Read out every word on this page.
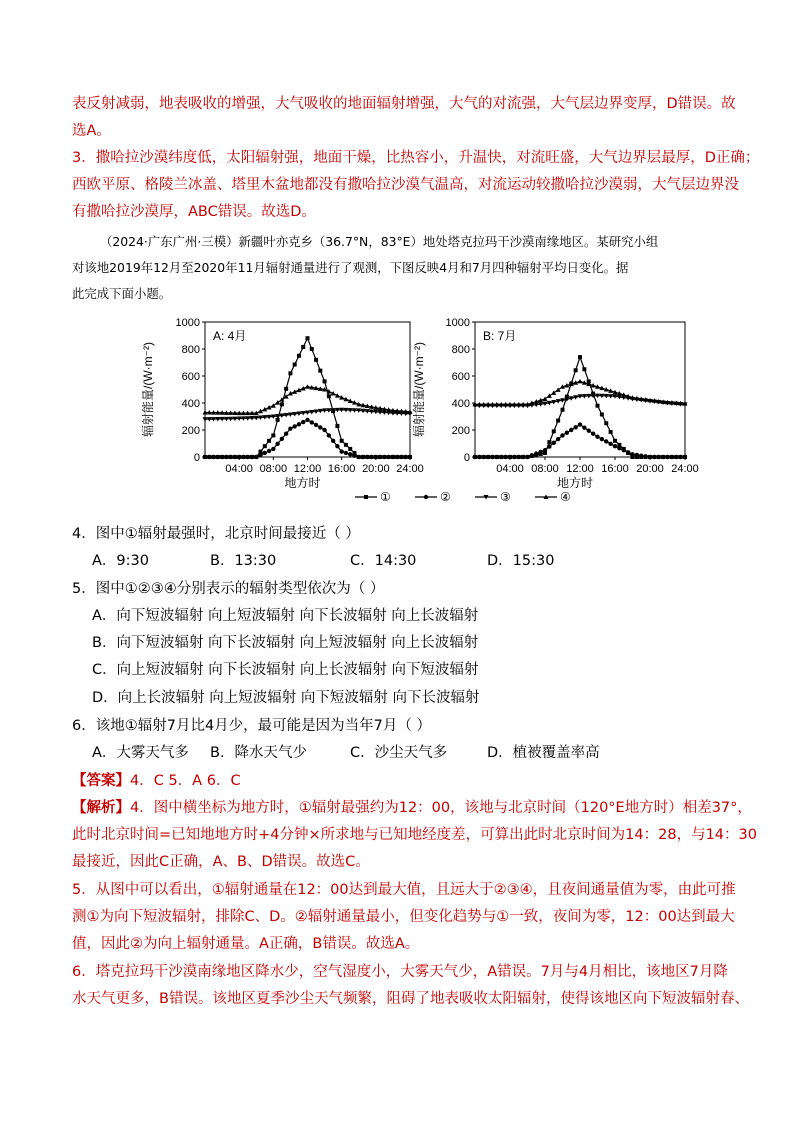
表反射减弱，地表吸收的增强，大气吸收的地面辐射增强，大气的对流强，大气层边界变厚，D错误。故
选A。
3．撒哈拉沙漠纬度低，太阳辐射强，地面干燥，比热容小，升温快，对流旺盛，大气边界层最厚，D正确；
西欧平原、格陵兰冰盖、塔里木盆地都没有撒哈拉沙漠气温高，对流运动较撒哈拉沙漠弱，大气层边界没
有撒哈拉沙漠厚，ABC错误。故选D。
（2024·广东广州·三模）新疆叶亦克乡（36.7°N，83°E）地处塔克拉玛干沙漠南缘地区。某研究小组
对该地2019年12月至2020年11月辐射通量进行了观测，下图反映4月和7月四种辐射平均日变化。据
此完成下面小题。
0
200
400
600
800
1000
04:00 08:00 12:00 16:00 20:00 24:00
地方时
辐射能量/(W·m⁻²)
A: 4月
0
200
400
600
800
1000
04:00 08:00 12:00 16:00 20:00 24:00
地方时
辐射能量/(W·m⁻²)
B: 7月
①	②	③	④
4．图中①辐射最强时，北京时间最接近（ ）
A．9:30	B．13:30	C．14:30	D．15:30
5．图中①②③④分别表示的辐射类型依次为（ ）
A．向下短波辐射 向上短波辐射 向下长波辐射 向上长波辐射
B．向下短波辐射 向下长波辐射 向上短波辐射 向上长波辐射
C．向上短波辐射 向下长波辐射 向上长波辐射 向下短波辐射
D．向上长波辐射 向上短波辐射 向下短波辐射 向下长波辐射
6．该地①辐射7月比4月少，最可能是因为当年7月（ ）
A．大雾天气多 B．降水天气少	C．沙尘天气多	D．植被覆盖率高
【答案】4．C 5．A 6．C
【解析】4．图中横坐标为地方时，①辐射最强约为12：00，该地与北京时间（120°E地方时）相差37°，
此时北京时间=已知地地方时+4分钟×所求地与已知地经度差，可算出此时北京时间为14：28，与14：30
最接近，因此C正确，A、B、D错误。故选C。
5．从图中可以看出，①辐射通量在12：00达到最大值，且远大于②③④，且夜间通量值为零，由此可推
测①为向下短波辐射，排除C、D。②辐射通量最小，但变化趋势与①一致，夜间为零，12：00达到最大
值，因此②为向上辐射通量。A正确，B错误。故选A。
6．塔克拉玛干沙漠南缘地区降水少，空气湿度小，大雾天气少，A错误。7月与4月相比，该地区7月降
水天气更多，B错误。该地区夏季沙尘天气频繁，阻碍了地表吸收太阳辐射，使得该地区向下短波辐射春、
